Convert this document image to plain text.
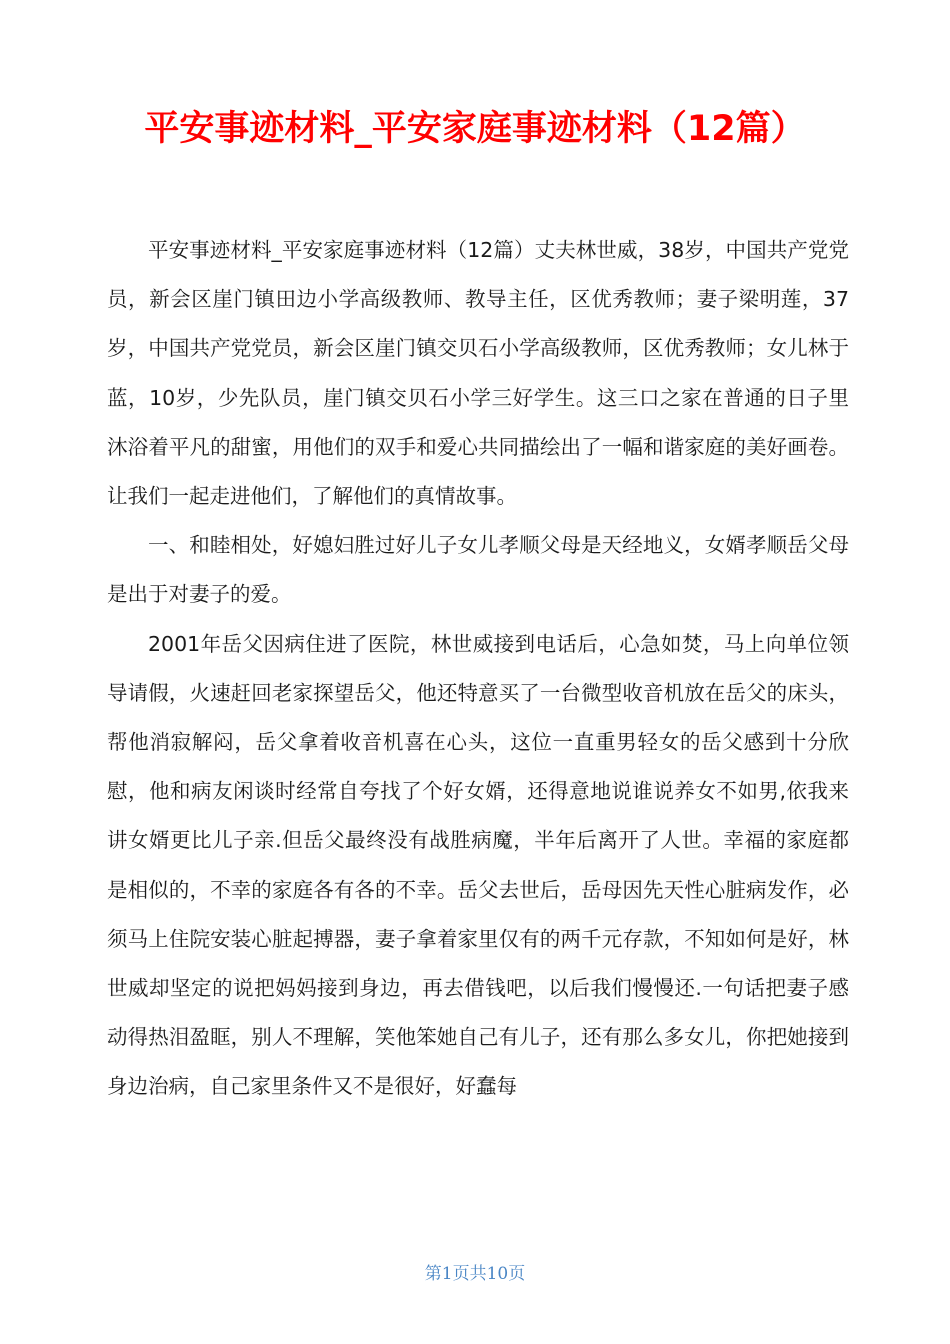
平安事迹材料_平安家庭事迹材料（12篇）

平安事迹材料_平安家庭事迹材料（12篇）丈夫林世威，38岁，中国共产党党员，新会区崖门镇田边小学高级教师、教导主任，区优秀教师；妻子梁明莲，37岁，中国共产党党员，新会区崖门镇交贝石小学高级教师，区优秀教师；女儿林于蓝，10岁，少先队员，崖门镇交贝石小学三好学生。这三口之家在普通的日子里沐浴着平凡的甜蜜，用他们的双手和爱心共同描绘出了一幅和谐家庭的美好画卷。让我们一起走进他们，了解他们的真情故事。

一、和睦相处，好媳妇胜过好儿子女儿孝顺父母是天经地义，女婿孝顺岳父母是出于对妻子的爱。

2001年岳父因病住进了医院，林世威接到电话后，心急如焚，马上向单位领导请假，火速赶回老家探望岳父，他还特意买了一台微型收音机放在岳父的床头，帮他消寂解闷，岳父拿着收音机喜在心头，这位一直重男轻女的岳父感到十分欣慰，他和病友闲谈时经常自夸找了个好女婿，还得意地说谁说养女不如男,依我来讲女婿更比儿子亲.但岳父最终没有战胜病魔，半年后离开了人世。幸福的家庭都是相似的，不幸的家庭各有各的不幸。岳父去世后，岳母因先天性心脏病发作，必须马上住院安装心脏起搏器，妻子拿着家里仅有的两千元存款，不知如何是好，林世威却坚定的说把妈妈接到身边，再去借钱吧，以后我们慢慢还.一句话把妻子感动得热泪盈眶，别人不理解，笑他笨她自己有儿子，还有那么多女儿，你把她接到身边治病，自己家里条件又不是很好，好蠢每

第1页共10页
